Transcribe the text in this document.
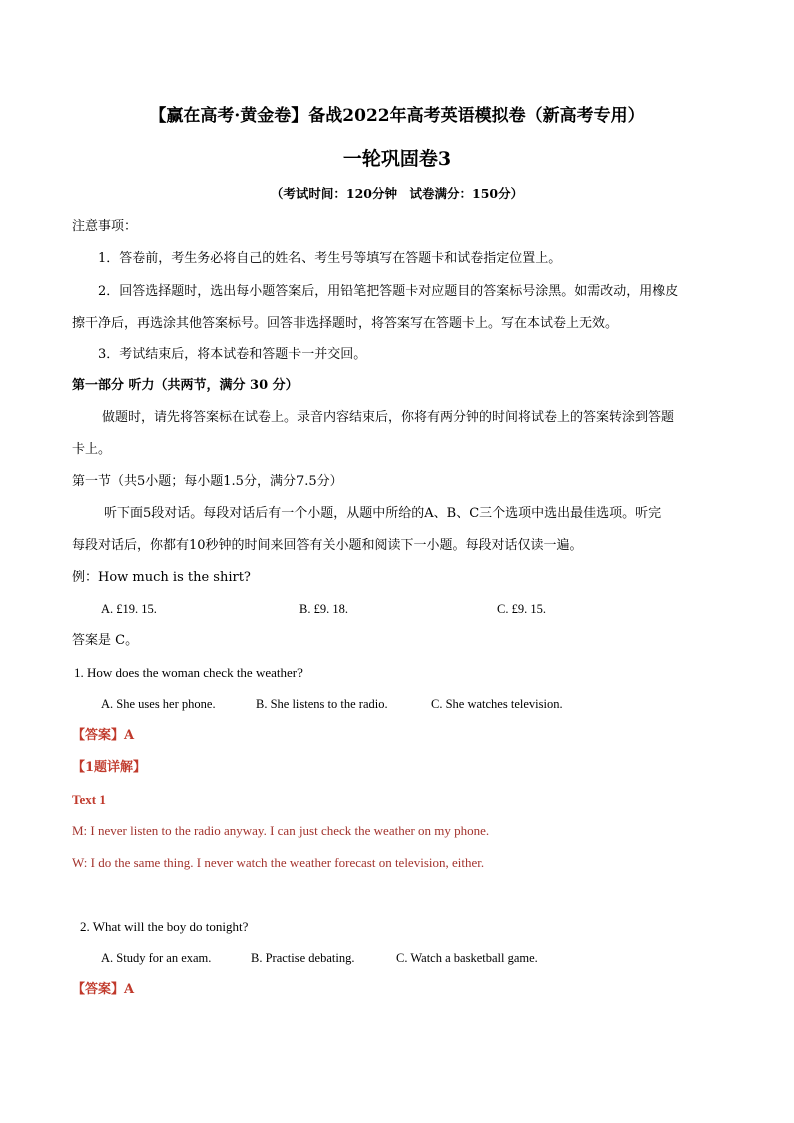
【赢在高考·黄金卷】备战2022年高考英语模拟卷（新高考专用）
一轮巩固卷3
（考试时间：120分钟　试卷满分：150分）
注意事项：
1．答卷前，考生务必将自己的姓名、考生号等填写在答题卡和试卷指定位置上。
2．回答选择题时，选出每小题答案后，用铅笔把答题卡对应题目的答案标号涂黑。如需改动，用橡皮
擦干净后，再选涂其他答案标号。回答非选择题时，将答案写在答题卡上。写在本试卷上无效。
3．考试结束后，将本试卷和答题卡一并交回。
第一部分 听力（共两节，满分 30 分）
做题时，请先将答案标在试卷上。录音内容结束后，你将有两分钟的时间将试卷上的答案转涂到答题
卡上。
第一节（共5小题；每小题1.5分，满分7.5分）
听下面5段对话。每段对话后有一个小题，从题中所给的A、B、C三个选项中选出最佳选项。听完
每段对话后，你都有10秒钟的时间来回答有关小题和阅读下一小题。每段对话仅读一遍。
例：How much is the shirt?
A. £19. 15.	B. £9. 18.	C. £9. 15.
答案是 C。
1. How does the woman check the weather?
A. She uses her phone.	B. She listens to the radio.	C. She watches television.
【答案】A
【1题详解】
Text 1
M: I never listen to the radio anyway. I can just check the weather on my phone.
W: I do the same thing. I never watch the weather forecast on television, either.
2. What will the boy do tonight?
A. Study for an exam.	B. Practise debating.	C. Watch a basketball game.
【答案】A
